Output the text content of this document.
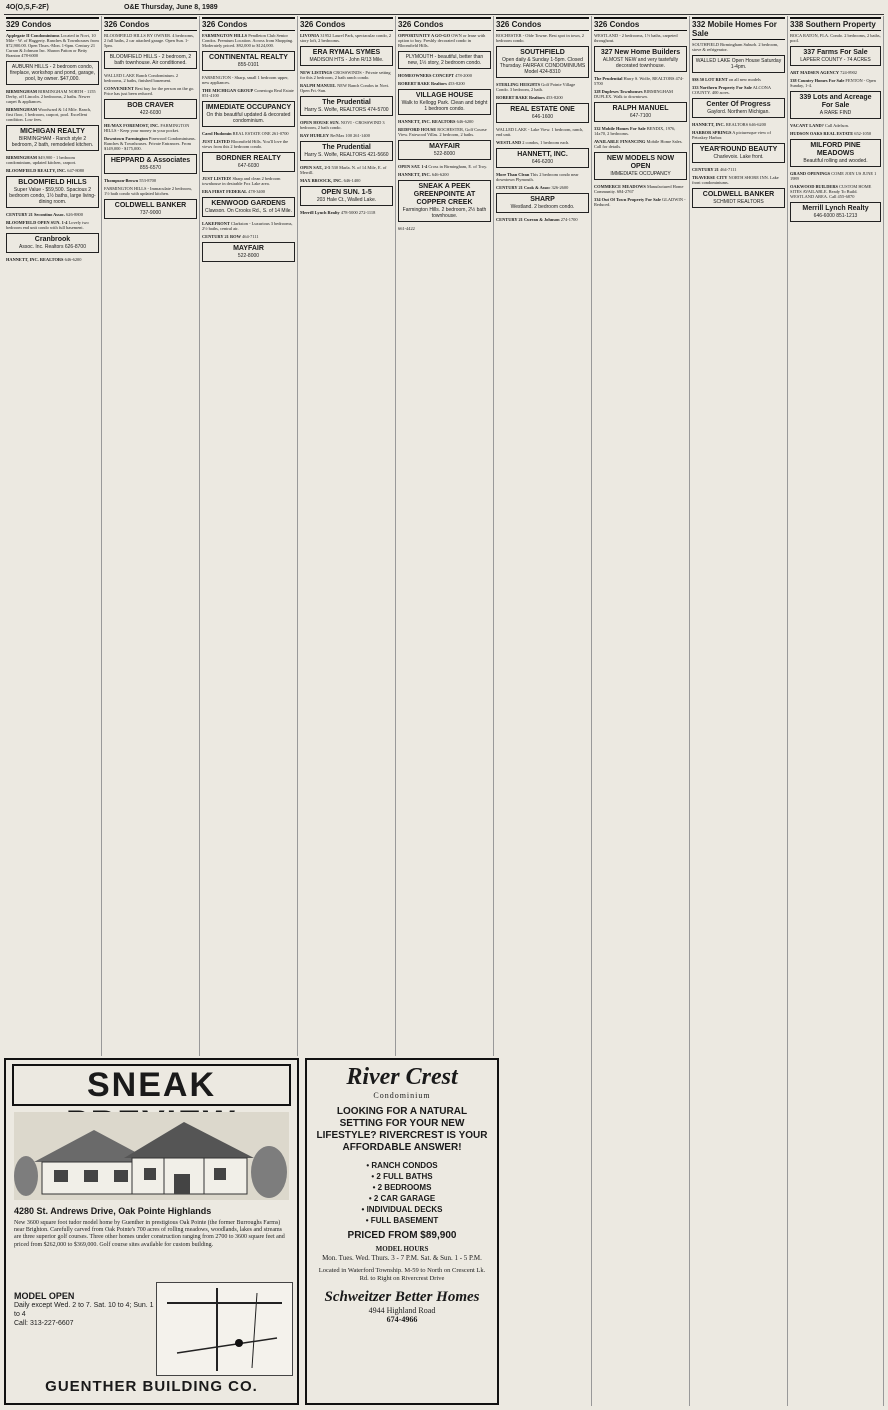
4O(O,S,F-2F)	O&E Thursday, June 8, 1989
329 Condos
Applegate II Condominiums Located in Novi, 10 Mile - W. of Haggerty. Ranches & Townhouses from $72,900.00. Open Thurs.-Mon. 1-6pm. Century 21 Curran & Johnson Inc. Sharon Patton or Betty Branton 478-6000
AUBURN HILLS - 2 bedroom condo, fireplace, workshop and pond, garage, pool, by owner. $47,000.
BIRMINGHAM BIRMINGHAM NORTH - 1155 Derby, off Lincoln. 2 bedrooms, 2 baths. Newer carpet & appliances.
BIRMINGHAM Woodward & 14 Mile. Ranch, first floor, 1 bedroom, carport, pool. Excellent condition. Low fees.
MICHIGAN REALTY
BIRMINGHAM - Ranch style 2 bedroom, 2 bath, remodeled kitchen.
BIRMINGHAM $49,900 - 1 bedroom condominium, updated kitchen, carport.
BLOOMFIELD REALTY, INC. 647-8080
BLOOMFIELD HILLS
Super Value - $59,500. Spacious 2 bedroom condo, 1½ baths, large living-dining room.
CENTURY 21 Secontino Assoc. 626-8800
BLOOMFIELD OPEN SUN. 1-4 Lovely two bedroom end unit condo with full basement.
Cranbrook
Assoc. Inc. Realtors 626-8700
HANNETT, INC. REALTORS 646-6200
326 Condos
BLOOMFIELD HILLS BY OWNER. 4 bedrooms, 2 full baths, 2 car attached garage. Open Sun. 1-5pm.
BLOOMFIELD HILLS - 2 bedroom, 2 bath townhouse. Air conditioned.
WALLED LAKE Ranch Condominium. 2 bedrooms, 2 baths, finished basement.
CONVENIENT Best buy for the person on the go. Price has just been reduced.
BOB CRAVER
422-6030
HE/MAX FOREMOST, INC. FARMINGTON HILLS - Keep your money in your pocket.
Downtown Farmington Pinewood Condominiums. Ranches & Townhouses. Private Entrances. From $149,000 - $175,000.
HEPPARD & Associates
855-6570
Thompson-Brown 553-8700
FARMINGTON HILLS - Immaculate 2 bedroom, 1½ bath condo with updated kitchen.
COLDWELL BANKER
737-9000
326 Condos
FARMINGTON HILLS Pendleton Club Senior Condos. Premium Location. Across from Shopping. Moderately priced. $92,000 to $124,000.
CONTINENTAL REALTY
855-0101
FARMINGTON - Sharp, small 1 bedroom upper, new appliances.
THE MICHIGAN GROUP Conestoga Real Estate 851-4100
IMMEDIATE OCCUPANCY
On this beautiful updated & decorated condominium.
Carol Hudomin REAL ESTATE ONE 261-0700
JUST LISTED Bloomfield Hills. You'll love the views from this 2 bedroom condo.
BORDNER REALTY
647-6030
JUST LISTED! Sharp and clean 2 bedroom townhouse in desirable Fox Lake area.
ERA FIRST FEDERAL 478-3400
KENWOOD GARDENS
Clawson. On Crooks Rd., S. of 14 Mile.
LAKEFRONT Clarkston - Luxurious 3 bedrooms, 2½ baths, central air.
CENTURY 21 ROW 464-7111
MAYFAIR
522-8000
326 Condos
LIVONIA 31952 Laurel Park, spectacular condo, 2 story loft, 2 bedrooms.
ERA RYMAL SYMES
MADISON HTS - John R/13 Mile.
NEW LISTINGS CROSSWINDS - Private setting for this 2 bedroom, 2 bath ranch condo.
RALPH MANUEL NEW Ranch Condos in Novi. Open Fri.-Sun.
The Prudential
Harry S. Wolfe, REALTORS 474-5700
OPEN HOUSE SUN. NOVI - CROSSWIND 3 bedroom, 2 bath condo.
RAY HUHLEY Re/Max 100 261-1400
The Prudential
Harry S. Wolfe, REALTORS 421-5660
OPEN SAT., 2-5 530 Marla. N. of 14 Mile, E. of Merrill.
MAX BROOCK, INC. 646-1400
OPEN SUN. 1-5
203 Hale Ct., Walled Lake.
Merrill Lynch Realty 478-5000 272-1118
326 Condos
OPPORTUNITY A GO-GO OWN or lease with option to buy. Freshly decorated condo in Bloomfield Hills.
PLYMOUTH - beautiful, better than new, 1½ story, 2 bedroom condo.
HOMEOWNERS CONCEPT 478-2000
ROBERT BAKE Realtors 453-8200
VILLAGE HOUSE
Walk to Kellogg Park. Clean and bright 1 bedroom condo.
HANNETT, INC. REALTORS 646-6200
REDFORD HOUSE ROCHESTER, Golf Course View. Fairwood Villas. 2 bedroom, 2 baths.
MAYFAIR
522-8000
OPEN SAT. 1-4 Cross in Birmingham, E. of Troy.
HANNETT, INC. 646-6200
SNEAK A PEEK GREENPOINTE AT COPPER CREEK
Farmington Hills. 2 bedroom, 2½ bath townhouse.
661-4422
326 Condos
ROCHESTER - Olde Towne. Best spot in town, 2 bedroom condo.
SOUTHFIELD
Open daily & Sunday 1-5pm. Closed Thursday. FAIRFAX CONDOMINIUMS Model 424-8310
STERLING HEIGHTS Golf Pointe Village Condo. 3 bedroom, 2 bath.
ROBERT BAKE Realtors 453-8200
REAL ESTATE ONE
646-1600
WALLED LAKE - Lake View. 1 bedroom, ranch, end unit.
WESTLAND 2 condos, 1 bedroom each.
HANNETT, INC.
646-6200
More Than Clean This 2 bedroom condo near downtown Plymouth.
CENTURY 21 Cook & Assoc 326-2600
SHARP
Westland. 2 bedroom condo.
CENTURY 21 Curran & Johnson 274-1700
326 Condos
WESTLAND - 2 bedrooms, 1½ baths, carpeted throughout.
327 New Home Builders
ALMOST NEW and very tastefully decorated townhouse.
The Prudential Harry S. Wolfe, REALTORS 474-5700
328 Duplexes Townhouses BIRMINGHAM DUPLEX. Walk to downtown.
RALPH MANUEL
647-7100
332 Mobile Homes For Sale BENDIX, 1976, 14x70, 2 bedrooms.
AVAILABLE FINANCING Mobile Home Sales. Call for details.
NEW MODELS NOW OPEN
IMMEDIATE OCCUPANCY
COMMERCE MEADOWS Manufactured Home Community. 684-2767
334 Out Of Town Property For Sale GLADWIN - Reduced.
332 Mobile Homes For Sale
SOUTHFIELD Birmingham Suburb. 2 bedroom, stove & refrigerator.
WALLED LAKE Open House Saturday 1-4pm.
$$$ 50 LOT RENT on all new models
333 Northern Property For Sale ALCONA COUNTY. 400 acres.
Center Of Progress
Gaylord. Northern Michigan.
HANNETT, INC. REALTORS 646-6200
HARBOR SPRINGS A picturesque view of Petoskey Harbor.
YEAR'ROUND BEAUTY
Charlevoix. Lake front.
CENTURY 21 464-7111
TRAVERSE CITY NORTH SHORE INN. Lake front condominiums.
COLDWELL BANKER
SCHMIDT REALTORS
338 Southern Property
BOCA RATON, FLA. Condo. 2 bedrooms, 2 baths, pool.
337 Farms For Sale
LAPEER COUNTY - 74 ACRES
ART MADSEN AGENCY 724-8902
338 Country Homes For Sale FENTON - Open Sunday, 1-4.
339 Lots and Acreage For Sale
A RARE FIND
VACANT LAND? Call Adelson.
HUDSON OAKS REAL ESTATE 652-1050
MILFORD PINE MEADOWS
Beautiful rolling and wooded.
GRAND OPENINGS COME JOIN US JUNE 1 1989
OAKWOOD BUILDERS CUSTOM HOME SITES AVAILABLE. Ready To Build. WESTLAND AREA. Call 455-6870
Merrill Lynch Realty
646-6000 851-1213
SNEAK
4280 St. Andrews Drive, Oak Pointe Highlands
New 3600 square foot tudor model home by Guenther in prestigious Oak Pointe (the former Burroughs Farms) near Brighton. Carefully carved from Oak Pointe's 700 acres of rolling meadows, woodlands, lakes and streams are three superior golf courses. Three other homes under construction ranging from 2700 to 3600 square feet and priced from $262,000 to $369,000. Golf course sites available for custom building.
MODEL OPEN
Daily except Wed. 2 to 7. Sat. 10 to 4; Sun. 1 to 4
Call: 313-227-6607
GUENTHER BUILDING CO.
River Crest
Condominium
LOOKING FOR A NATURAL SETTING FOR YOUR NEW LIFESTYLE? RIVERCREST IS YOUR AFFORDABLE ANSWER!
• RANCH CONDOS
• 2 FULL BATHS
• 2 BEDROOMS
• 2 CAR GARAGE
• INDIVIDUAL DECKS
• FULL BASEMENT
PRICED FROM $89,900
MODEL HOURS
Mon. Tues. Wed. Thurs. 3 - 7 P.M. Sat. & Sun. 1 - 5 P.M.
Located in Waterford Township. M-59 to North on Crescent Lk. Rd. to Right on Rivercrest Drive
Schweitzer Better Homes
4944 Highland Road
674-4966
